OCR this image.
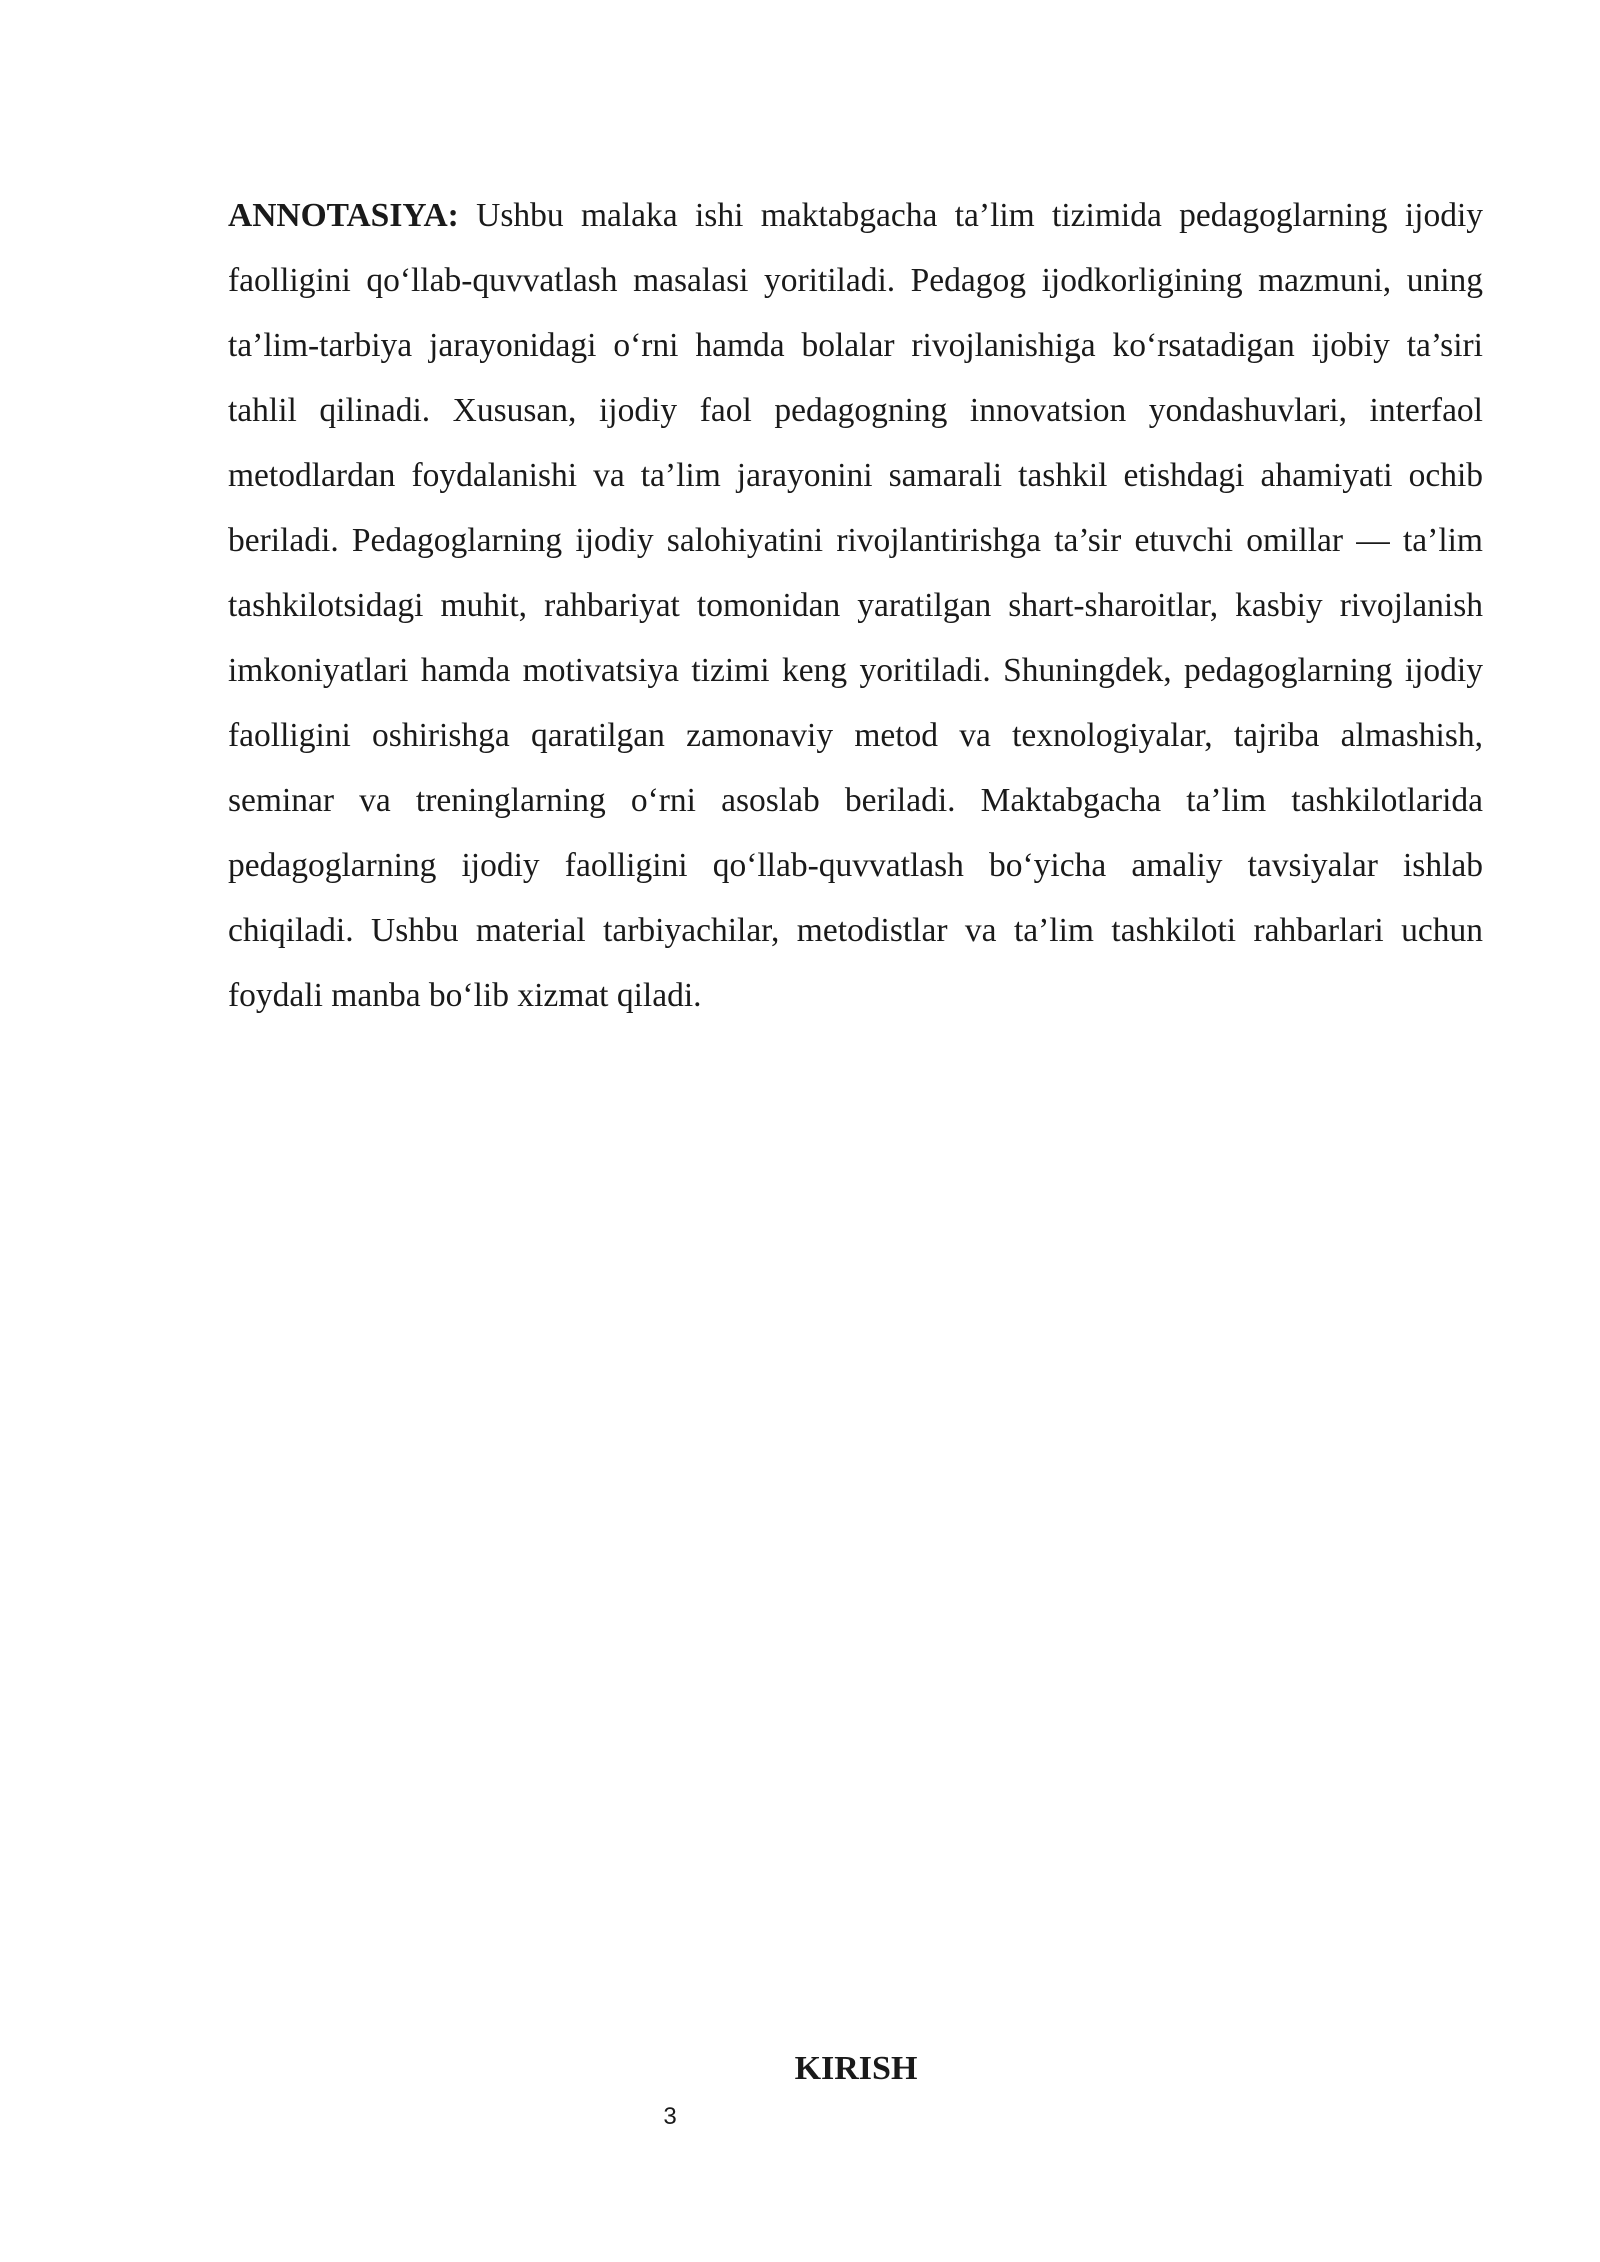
ANNOTASIYA: Ushbu malaka ishi maktabgacha ta’lim tizimida pedagoglarning ijodiy faolligini qo‘llab-quvvatlash masalasi yoritiladi. Pedagog ijodkorligining mazmuni, uning ta’lim-tarbiya jarayonidagi o‘rni hamda bolalar rivojlanishiga ko‘rsatadigan ijobiy ta’siri tahlil qilinadi. Xususan, ijodiy faol pedagogning innovatsion yondashuvlari, interfaol metodlardan foydalanishi va ta’lim jarayonini samarali tashkil etishdagi ahamiyati ochib beriladi. Pedagoglarning ijodiy salohiyatini rivojlantirishga ta’sir etuvchi omillar — ta’lim tashkilotsidagi muhit, rahbariyat tomonidan yaratilgan shart-sharoitlar, kasbiy rivojlanish imkoniyatlari hamda motivatsiya tizimi keng yoritiladi. Shuningdek, pedagoglarning ijodiy faolligini oshirishga qaratilgan zamonaviy metod va texnologiyalar, tajriba almashish, seminar va treninglarning o‘rni asoslab beriladi. Maktabgacha ta’lim tashkilotlarida pedagoglarning ijodiy faolligini qo‘llab-quvvatlash bo‘yicha amaliy tavsiyalar ishlab chiqiladi. Ushbu material tarbiyachilar, metodistlar va ta’lim tashkiloti rahbarlari uchun foydali manba bo‘lib xizmat qiladi.

KIRISH

3
